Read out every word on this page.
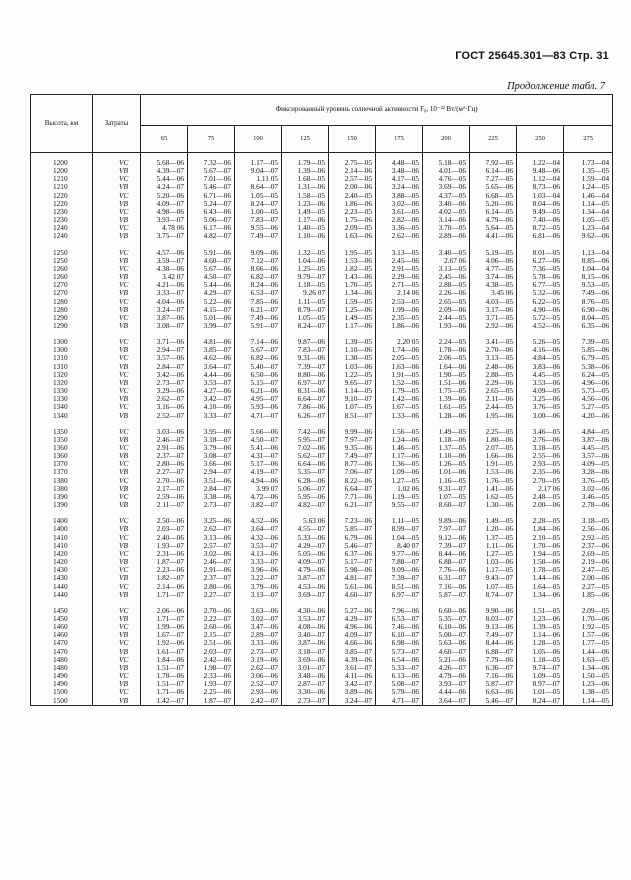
ГОСТ 25645.301—83 Стр. 31
Продолжение табл. 7
Высота, км	Затраты	Фиксированный уровень солнечной активности F₀, 10⁻²² Вт/(м²·Гц)									
		65	75	100	125	150	175	200	225	250	275
1200	VC	5.68—06	7.32—06	1.17—05	1.79—05	2.75—05	4.48—05	5.18—05	7.92—05	1.22—04	1.73—04
1200	VB	4.39—07	5.67—07	9.04—07	1.39—06	2.14—06	3.48—06	4.01—06	6.14—06	9.48—06	1.35—05
1210	VC	5.44—06	7.01—06	1.11 05	1.68—05	2.57—05	4.17—05	4.76—05	7.27—05	1.12—04	1.59—04
1210	VB	4.24—07	5.46—07	8.64—07	1.31—06	2.00—06	3.24—06	3.69—06	5.65—06	8.73—06	1.24—05
1220	VC	5.20—06	6.71—06	1.05—05	1.58—05	2.40—05	3.88—05	4.37—05	6.68—05	1.03—04	1.46—04
1220	VB	4.09—07	5.24—07	8.24—07	1.23—06	1.86—06	3.02—06	3.40—06	5.20—06	8.04—06	1.14—05
1230	VC	4.98—06	6.43—06	1.00—05	1.49—05	2.23—05	3.61—05	4.02—05	6.14—05	9.49—05	1.34—04
1230	VB	3.93—07	5.06—07	7.83—07	1.17—06	1.75—06	2.82—06	3.14—06	4.79—06	7.40—06	1.05—05
1240	VC	4.78 06	6.17—06	9.55—06	1.40—05	2.09—05	3.36—05	3.70—05	5.64—05	8.72—05	1.23—04
1240	VB	3.75—07	4.82—07	7.49—07	1.10—06	1.63—06	2.62—06	2.89—06	4.41—06	6.81—06	9.62—06

1250	VC	4.57—06	5.91—06	9.09—06	1.32—05	1.95—05	3.13—05	3.40—05	5.19—05	8.01—05	1.13—04
1250	VB	3.59—07	4.60—07	7.12—07	1.04—06	1.53—06	2.45—06	2.67 06	4.06—06	6.27—06	8.85—06
1260	VC	4.38—06	5.67—06	8.66—06	1.25—05	1.82—05	2.91—05	3.13—05	4.77—05	7.36—05	1.04—04
1260	VB	3.42 07	4.50—07	6.82—07	9.79—07	1.43—06	2.29—06	2.45—06	3.74—06	5.78—06	8.15—06
1270	VC	4.21—06	5.44—06	8.24—06	1.18—05	1.70—05	2.71—05	2.88—05	4.38—05	6.77—05	9.53—05
1270	VB	3.33—07	4.29—07	6.53—07	9.26 07	1.34—06	2.14 06	2.26—06	3.45 06	5.32—06	7.49—06
1280	VC	4.04—06	5.22—06	7.85—06	1.11—05	1.59—05	2.53—05	2.65—05	4.03—05	6.22—05	8.76—05
1280	VB	3.24—07	4.15—07	6.21—07	8.79—07	1.25—06	1.99—06	2.09—06	3.17—06	4.90—06	6.90—06
1290	VC	3.87—06	5.01—06	7.49—06	1.05—05	1.49—05	2.35—05	2.44—05	3.71—05	5.72—05	8.04—05
1290	VB	3.08—07	3.99—07	5.91—07	8.24—07	1.17—06	1.86—06	1.93—06	2.92—06	4.52—06	6.35—06

1300	VC	3.71—06	4.81—06	7.14—06	9.87—06	1.39—05	2.20 05	2.24—05	3.41—05	5.26—05	7.39—05
1300	VB	2.94—07	3.85—07	5.67—07	7.83—07	1.10—06	1.74—06	1.78—06	2.70—06	4.16—06	5.85—06
1310	VC	3.57—06	4.62—06	6.82—06	9.31—06	1.30—05	2.05—05	2.06—05	3.13—05	4.84—05	6.79—05
1310	VB	2.84—07	3.64—07	5.40—07	7.39—07	1.03—06	1.63—06	1.64—06	2.48—06	3.83—06	5.38—06
1320	VC	3.42—06	4.44—06	6.50—06	8.80—06	1.22—05	1.91—05	1.90—05	2.88—05	4.45—05	6.24—05
1320	VB	2.73—07	3.53—07	5.15—07	6.97—07	9.65—07	1.52—06	1.51—06	2.29—06	3.53—06	4.96—06
1330	VC	3.29—06	4.27—06	6.21—06	8.31—06	1.14—05	1.79—05	1.75—05	2.65—05	4.09—05	5.73—05
1330	VB	2.62—07	3.42—07	4.95—07	6.64—07	9.10—07	1.42—06	1.39—06	2.11—06	3.25—06	4.56—06
1340	VC	3.16—06	4.10—06	5.93—06	7.86—06	1.07—05	1.67—05	1.61—05	2.44—05	3.76—05	5.27—05
1340	VB	2.52—07	3.33—07	4.71—07	6.26—07	8.51—07	1.33—06	1.28—06	1.95—06	3.00—06	4.20—06

1350	VC	3.03—06	3.95—06	5.66—06	7.42—06	9.99—06	1.56—05	1.49—05	2.25—05	3.46—05	4.84—05
1350	VB	2.46—07	3.18—07	4.50—07	5.95—07	7.97—07	1.24—06	1.18—06	1.80—06	2.76—06	3.87—06
1360	VC	2.91—06	3.79—06	5.41—06	7.02—06	9.35—06	1.46—05	1.37—05	2.07—05	3.18—05	4.45—05
1360	VB	2.37—07	3.08—07	4.31—07	5.62—07	7.49—07	1.17—06	1.10—06	1.66—06	2.55—06	3.57—06
1370	VC	2.80—06	3.66—06	5.17—06	6.64—06	8.77—06	1.36—05	1.26—05	1.91—05	2.93—05	4.09—05
1370	VB	2.27—07	2.94—07	4.19—07	5.35—07	7.06—07	1.09—06	1.01—06	1.53—06	2.35—06	3.28—06
1380	VC	2.70—06	3.51—06	4.94—06	6.28—06	8.22—06	1.27—05	1.16—05	1.76—05	2.70—05	3.76—05
1380	VB	2.17—07	2.84—07	3.99 07	5.06—07	6.64—07	1.02 06	9.31—07	1.41—06	2.17 06	3.02—06
1390	VC	2.59—06	3.38—06	4.72—06	5.95—06	7.71—06	1.19—05	1.07—05	1.62—05	2.48—05	3.46—05
1390	VB	2.11—07	2.73—07	3.82—07	4.82—07	6.21—07	9.55—07	8.60—07	1.30—06	2.00—06	2.78—06

1400	VC	2.50—06	3.25—06	4.52—06	5.63 06	7.23—06	1.11—05	9.89—06	1.49—05	2.28—05	3.18—05
1400	VB	2.03—07	2.62—07	3.64—07	4.55—07	5.85—07	8.99—07	7.97—07	1.20—06	1.84—06	2.56—06
1410	VC	2.40—06	3.13—06	4.32—06	5.33—06	6.79—06	1.04—05	9.12—06	1.37—05	2.10—05	2.92—05
1410	VB	1.93—07	2.57—07	3.53—07	4.29—07	5.46—07	8.40 07	7.39—07	1.11—06	1.70—06	2.37—06
1420	VC	2.31—06	3.02—06	4.13—06	5.05—06	6.37—06	9.77—06	8.44—06	1.27—05	1.94—05	2.69—05
1420	VB	1.87—07	2.46—07	3.33—07	4.09—07	5.17—07	7.88—07	6.88—07	1.03—06	1.58—06	2.19—06
1430	VC	2.23—06	2.91—06	3.96—06	4.79—06	5.98—06	9.09—06	7.76—06	1.17—05	1.78—05	2.47—05
1430	VB	1.82—07	2.37—07	3.22—07	3.87—07	4.81—07	7.39—07	6.31—07	9.43—07	1.44—06	2.00—06
1440	VC	2.14—06	2.80—06	3.79—06	4.53—06	5.61—06	8.51—06	7.16—06	1.07—05	1.64—05	2.27—05
1440	VB	1.71—07	2.27—07	3.13—07	3.69—07	4.60—07	6.97—07	5.87—07	8.74—07	1.34—06	1.85—06

1450	VC	2.06—06	2.70—06	3.63—06	4.30—06	5.27—06	7.96—06	6.60—06	9.90—06	1.51—05	2.09—05
1450	VB	1.71—07	2.22—07	3.02—07	3.53—07	4.29—07	6.53—07	5.35—07	8.03—07	1.23—06	1.70—06
1460	VC	1.99—06	2.60—06	3.47—06	4.08—06	4.96—06	7.46—06	6.10—06	9.13—06	1.39—05	1.92—05
1460	VB	1.67—07	2.15—07	2.89—07	3.40—07	4.09—07	6.10—07	5.00—07	7.49—07	1.14—06	1.57—06
1470	VC	1.92—06	2.51—06	3.33—06	3.87—06	4.66—06	6.98—06	5.63—06	8.44—06	1.28—05	1.77—05
1470	VB	1.61—07	2.03—07	2.73—07	3.18—07	3.85—07	5.73—07	4.60—07	6.88—07	1.05—06	1.44—06
1480	VC	1.84—06	2.42—06	3.19—06	3.69—06	4.39—06	6.54—06	5.21—06	7.79—06	1.18—05	1.63—05
1480	VB	1.51—07	1.98—07	2.62—07	3.01—07	3.61—07	5.33—07	4.26—07	6.36—07	9.74—07	1.34—06
1490	VC	1.78—06	2.33—06	3.06—06	3.48—06	4.11—06	6.13—06	4.79—06	7.16—06	1.09—05	1.50—05
1490	VB	1.51—07	1.93—07	2.52—07	2.87—07	3.42—07	5.08—07	3.93—07	5.87—07	8.97—07	1.23—06
1500	VC	1.71—06	2.25—06	2.93—06	3.30—06	3.89—06	5.79—06	4.44—06	6.63—06	1.01—05	1.38—05
1500	VB	1.42—07	1.87—07	2.42—07	2.73—07	3.24—07	4.71—07	3.64—07	5.46—07	8.24—07	1.14—05
